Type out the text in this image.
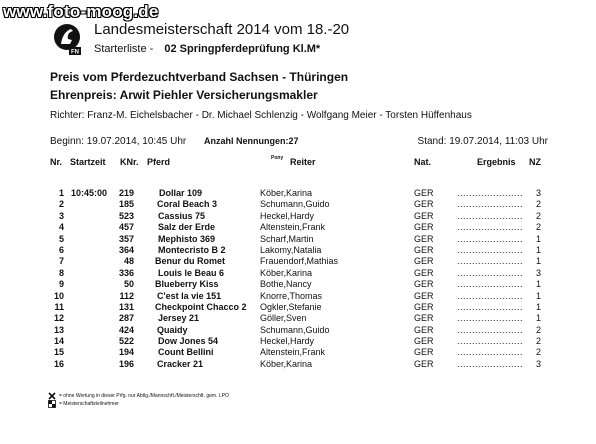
www.foto-moog.de
FN
Landesmeisterschaft 2014 vom 18.-20
Starterliste - 02 Springpferdeprüfung Kl.M*
Preis vom Pferdezuchtverband Sachsen - Thüringen
Ehrenpreis: Arwit Piehler Versicherungsmakler
Richter: Franz-M. Eichelsbacher - Dr. Michael Schlenzig - Wolfgang Meier - Torsten Hüffenhaus
Beginn: 19.07.2014, 10:45 Uhr Anzahl Nennungen:27	Stand: 19.07.2014, 11:03 Uhr
Nr. Startzeit KNr. Pferd	Pony Reiter	Nat.	Ergebnis NZ
1 10:45:00	219	Dollar 109	Köber,Karina	GER	......................	3
2	185	Coral Beach 3	Schumann,Guido	GER	......................	2
3	523	Cassius 75	Heckel,Hardy	GER	......................	2
4	457	Salz der Erde	Altenstein,Frank	GER	......................	2
5	357	Mephisto 369	Scharf,Martin	GER	......................	1
6	364	Montecristo B 2	Lakomy,Natalia	GER	......................	1
7	48 Benur du Romet	Frauendorf,Mathias	GER	......................	1
8	336	Louis le Beau 6	Köber,Karina	GER	......................	3
9	50 Blueberry Kiss	Bothe,Nancy	GER	......................	1
10	112	C'est la vie 151	Knorre,Thomas	GER	......................	1
11	131 Checkpoint Chacco 2 Ogkler,Stefanie	GER	......................	1
12	287	Jersey 21	Göller,Sven	GER	......................	1
13	424	Quaidy	Schumann,Guido	GER	......................	2
14	522	Dow Jones 54	Heckel,Hardy	GER	......................	2
15	194	Count Bellini	Altenstein,Frank	GER	......................	2
16	196	Cracker 21	Köber,Karina	GER	......................	3
= ohne Wertung in dieser Prfg. nur Abtlg./Mannschft./Meisterschft. gem. LPO
= Meisterschaftsteilnehmer
